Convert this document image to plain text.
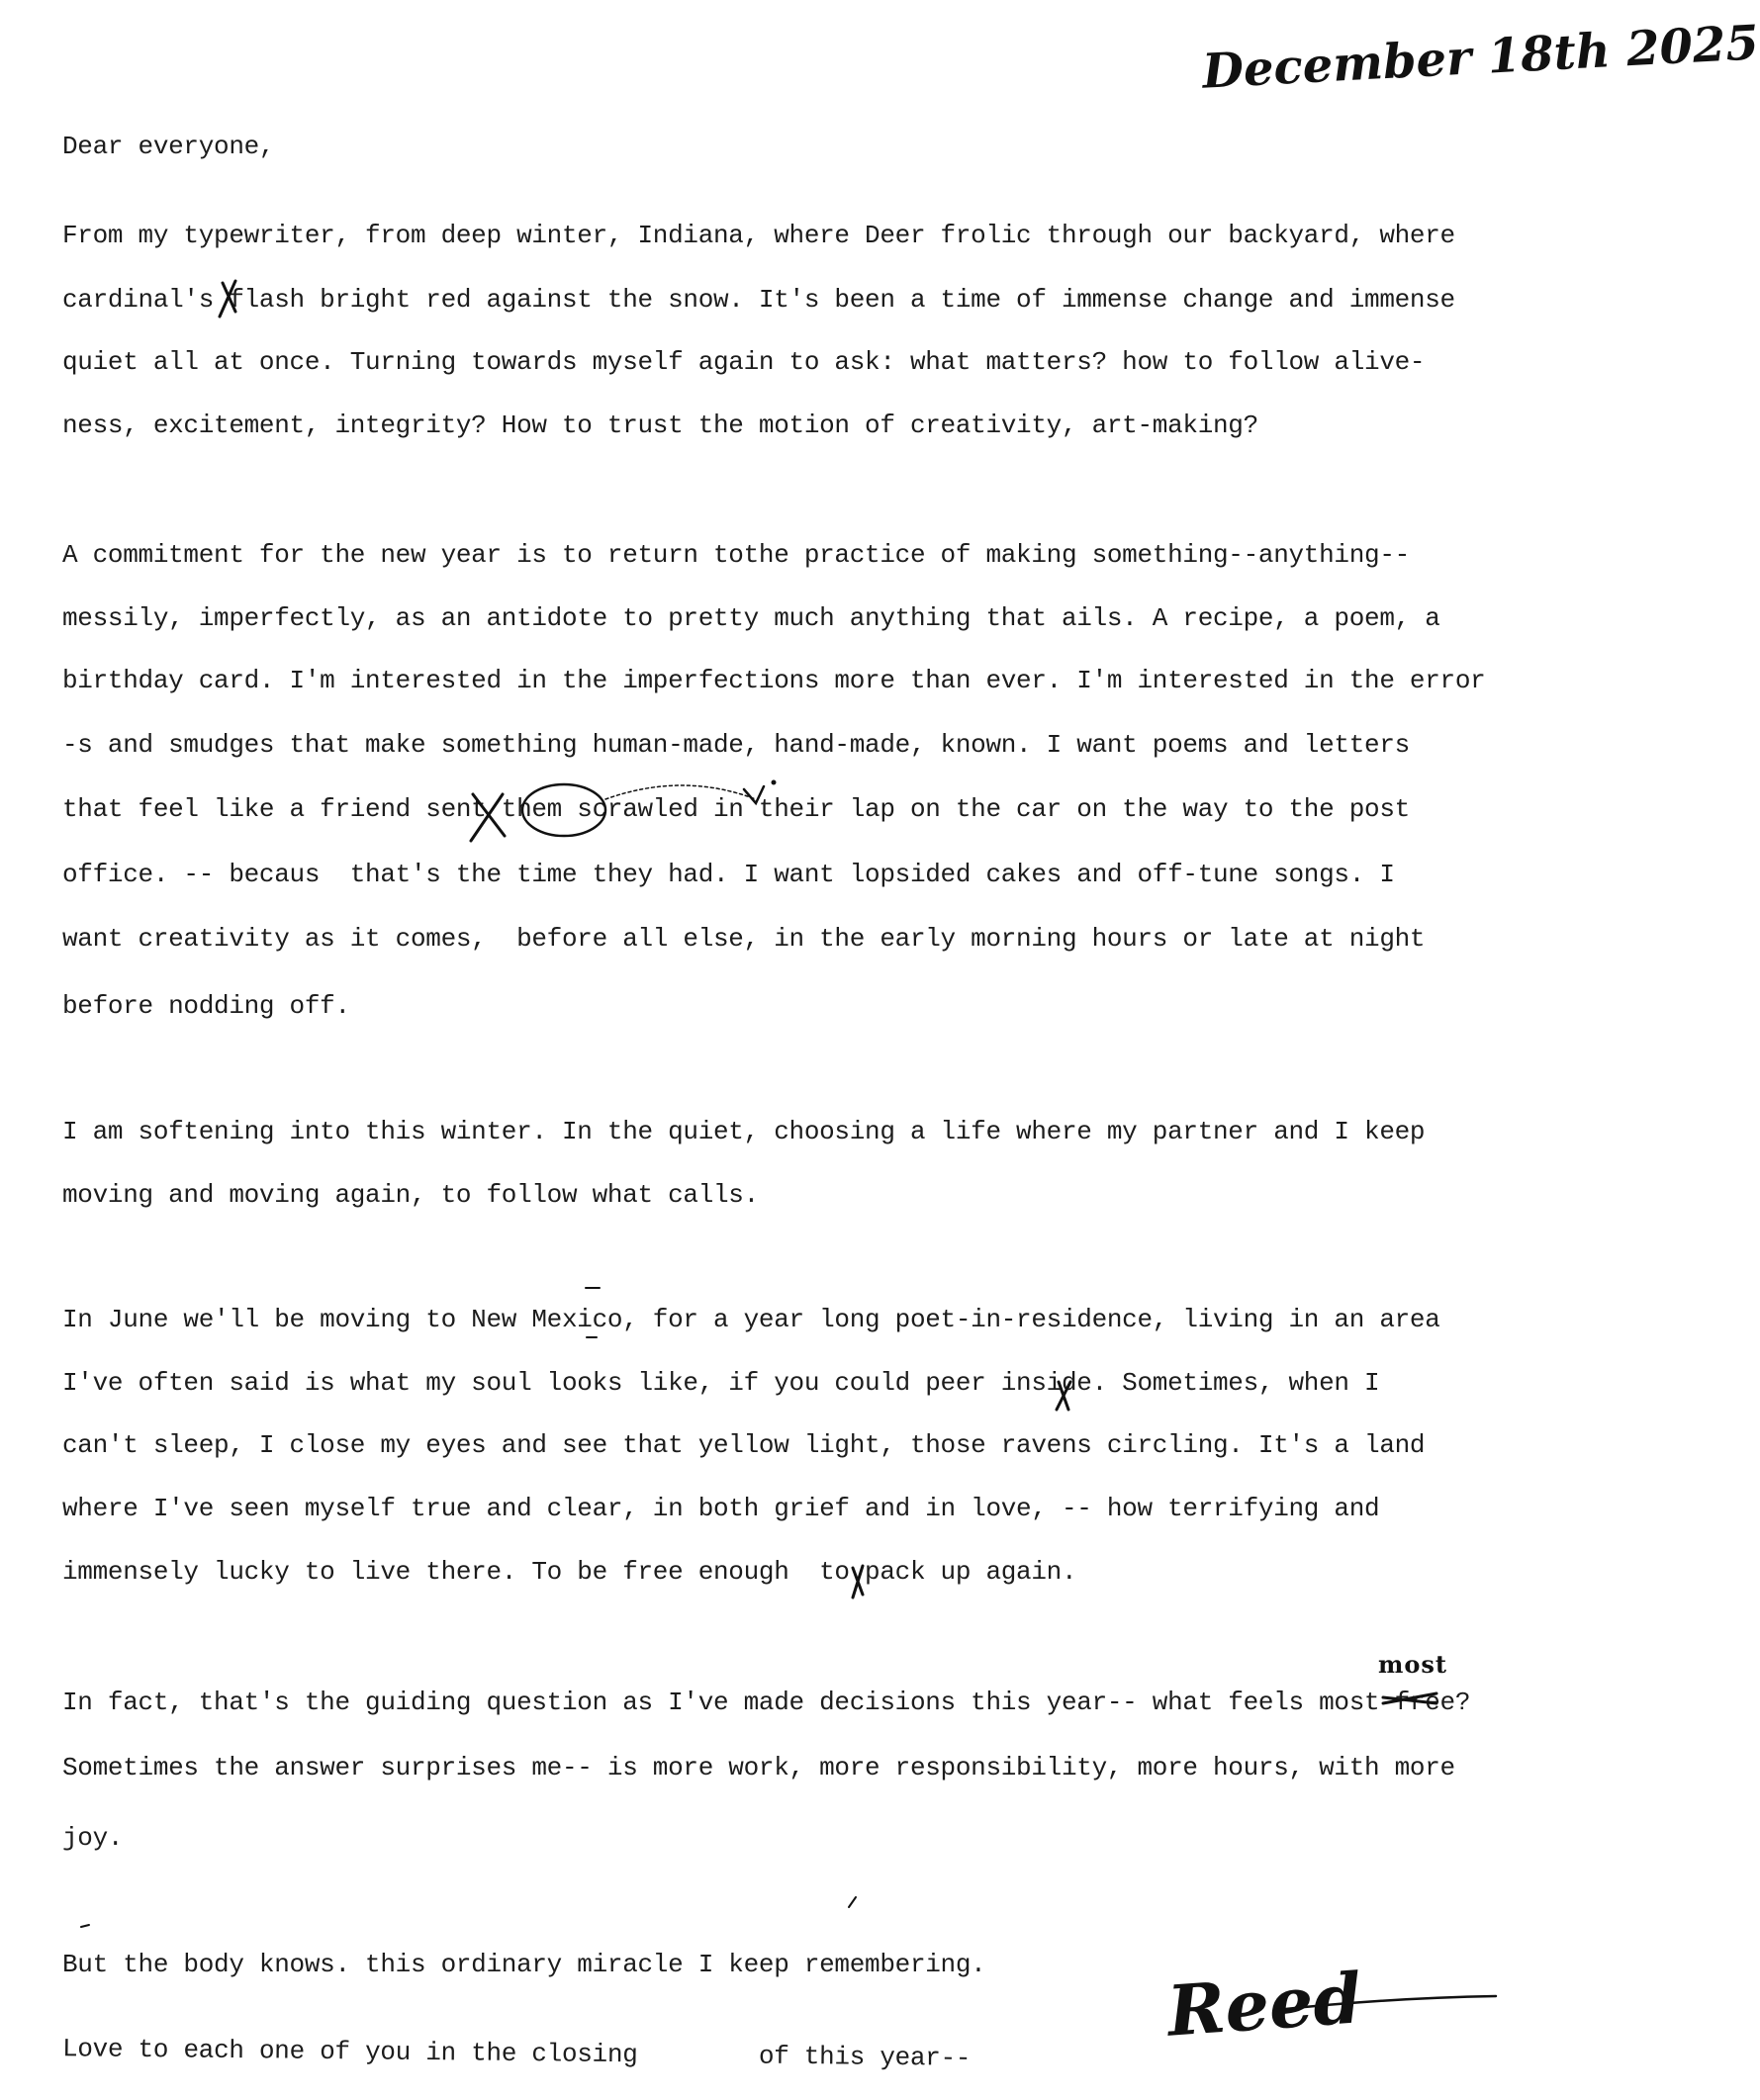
December 18th 2025

Dear everyone,

From my typewriter, from deep winter, Indiana, where Deer frolic through our backyard, where

cardinal's flash bright red against the snow. It's been a time of immense change and immense

quiet all at once. Turning towards myself again to ask: what matters? how to follow alive-

ness, excitement, integrity? How to trust the motion of creativity, art-making?

A commitment for the new year is to return tothe practice of making something--anything--

messily, imperfectly, as an antidote to pretty much anything that ails. A recipe, a poem, a

birthday card. I'm interested in the imperfections more than ever. I'm interested in the error

-s and smudges that make something human-made, hand-made, known. I want poems and letters

that feel like a friend sent them scrawled in their lap on the car on the way to the post

office. -- becaus  that's the time they had. I want lopsided cakes and off-tune songs. I

want creativity as it comes,  before all else, in the early morning hours or late at night

before nodding off.

I am softening into this winter. In the quiet, choosing a life where my partner and I keep

moving and moving again, to follow what calls.

In June we'll be moving to New Mexico, for a year long poet-in-residence, living in an area

I've often said is what my soul looks like, if you could peer inside. Sometimes, when I

can't sleep, I close my eyes and see that yellow light, those ravens circling. It's a land

where I've seen myself true and clear, in both grief and in love, -- how terrifying and

immensely lucky to live there. To be free enough  to pack up again.

In fact, that's the guiding question as I've made decisions this year-- what feels most free?

Sometimes the answer surprises me-- is more work, more responsibility, more hours, with more

joy.

But the body knows. this ordinary miracle I keep remembering.

Love to each one of you in the closing        of this year--

most
Reed
